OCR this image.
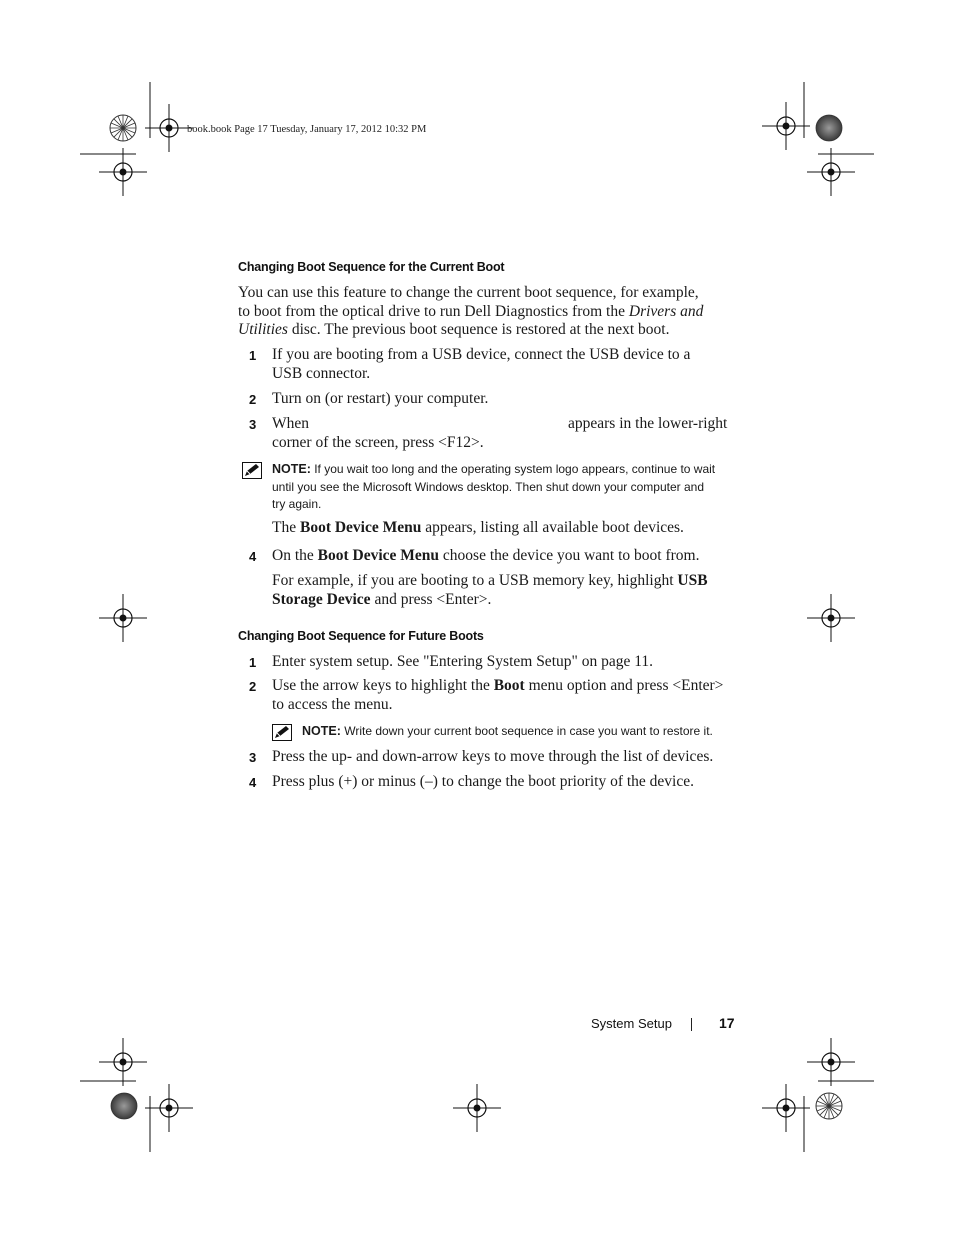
book.book Page 17 Tuesday, January 17, 2012 10:32 PM
Changing Boot Sequence for the Current Boot
You can use this feature to change the current boot sequence, for example,
to boot from the optical drive to run Dell Diagnostics from the Drivers and
Utilities disc. The previous boot sequence is restored at the next boot.
1 If you are booting from a USB device, connect the USB device to a
USB connector.
2 Turn on (or restart) your computer.
3 When
corner of the screen, press <F12>.
appears in the lower-right
NOTE: If you wait too long and the operating system logo appears, continue to wait
until you see the Microsoft Windows desktop. Then shut down your computer and
try again.
The Boot Device Menu appears, listing all available boot devices.
4 On the Boot Device Menu choose the device you want to boot from.
For example, if you are booting to a USB memory key, highlight USB
Storage Device and press <Enter>.
Changing Boot Sequence for Future Boots
1 Enter system setup. See "Entering System Setup" on page 11.
2 Use the arrow keys to highlight the Boot menu option and press <Enter>
to access the menu.
NOTE: Write down your current boot sequence in case you want to restore it.
3 Press the up- and down-arrow keys to move through the list of devices.
4 Press plus (+) or minus (–) to change the boot priority of the device.
System Setup	17
